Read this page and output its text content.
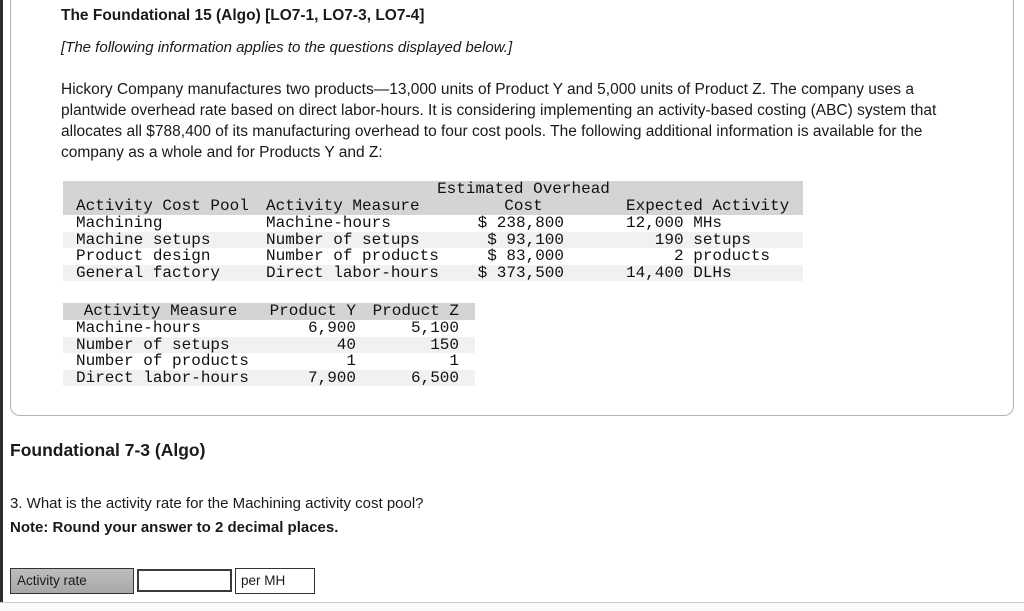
The Foundational 15 (Algo) [LO7-1, LO7-3, LO7-4]
[The following information applies to the questions displayed below.]
Hickory Company manufactures two products—13,000 units of Product Y and 5,000 units of Product Z. The company uses a plantwide overhead rate based on direct labor-hours. It is considering implementing an activity-based costing (ABC) system that allocates all $788,400 of its manufacturing overhead to four cost pools. The following additional information is available for the company as a whole and for Products Y and Z:
		Estimated Overhead	
Activity Cost Pool	Activity Measure	Cost	Expected Activity
Machining	Machine-hours	$ 238,800	12,000 MHs
Machine setups	Number of setups	$ 93,100	190 setups
Product design	Number of products	$ 83,000	2 products
General factory	Direct labor-hours	$ 373,500	14,400 DLHs
Activity Measure	Product Y	Product Z
Machine-hours	6,900	5,100
Number of setups	40	150
Number of products	1	1
Direct labor-hours	7,900	6,500
Foundational 7-3 (Algo)
3. What is the activity rate for the Machining activity cost pool?
Note: Round your answer to 2 decimal places.
Activity rate	per MH
